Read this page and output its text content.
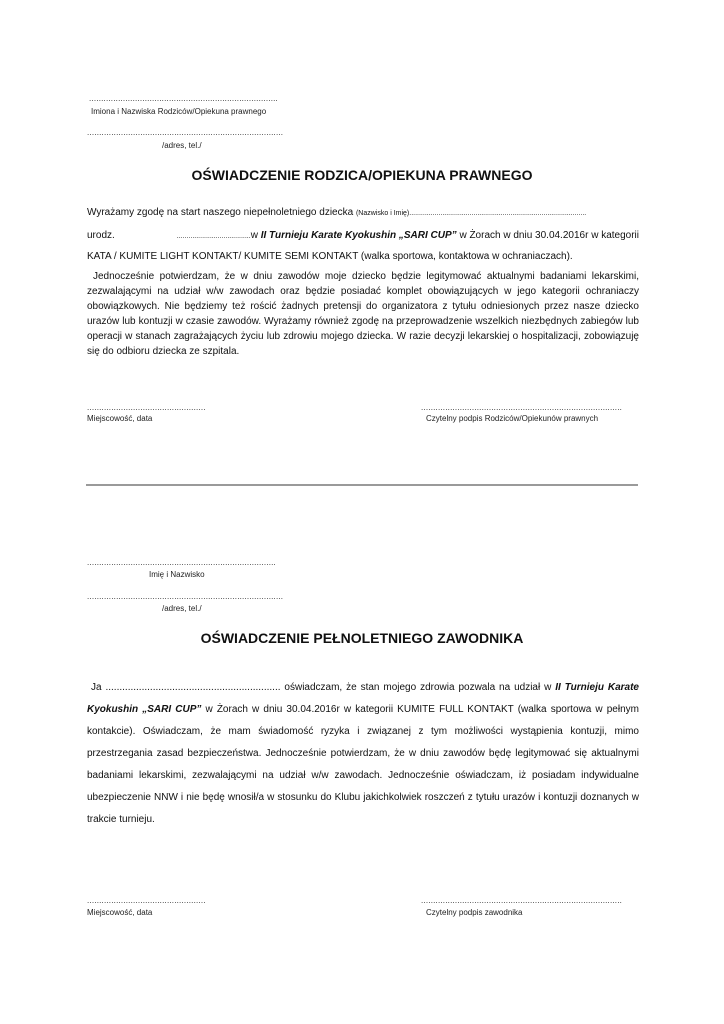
..............................................................................
Imiona i Nazwiska Rodziców/Opiekuna prawnego
.................................................................................
/adres, tel./
OŚWIADCZENIE RODZICA/OPIEKUNA PRAWNEGO
Wyrażamy zgodę na start naszego niepełnoletniego dziecka (Nazwisko i Imię)...........................................................................................
urodz.	......................................w II Turnieju Karate Kyokushin „SARI CUP” w Żorach w dniu 30.04.2016r w kategorii
KATA / KUMITE LIGHT KONTAKT/ KUMITE SEMI KONTAKT (walka sportowa, kontaktowa w ochraniaczach).
Jednocześnie potwierdzam, że w dniu zawodów moje dziecko będzie legitymować aktualnymi badaniami lekarskimi, zezwalającymi na udział w/w zawodach oraz będzie posiadać komplet obowiązujących w jego kategorii ochraniaczy obowiązkowych. Nie będziemy też rościć żadnych pretensji do organizatora z tytułu odniesionych przez nasze dziecko urazów lub kontuzji w czasie zawodów. Wyrażamy również zgodę na przeprowadzenie wszelkich niezbędnych zabiegów lub operacji w stanach zagrażających życiu lub zdrowiu mojego dziecka. W razie decyzji lekarskiej o hospitalizacji, zobowiązuję się do odbioru dziecka ze szpitala.
.................................................
Miejscowość, data
...................................................................................
Czytelny podpis Rodziców/Opiekunów prawnych
..............................................................................
Imię i Nazwisko
.................................................................................
/adres, tel./
OŚWIADCZENIE PEŁNOLETNIEGO ZAWODNIKA
Ja ............................................................... oświadczam, że stan mojego zdrowia pozwala na udział w II Turnieju Karate Kyokushin „SARI CUP” w Żorach w dniu 30.04.2016r w kategorii KUMITE FULL KONTAKT (walka sportowa w pełnym kontakcie). Oświadczam, że mam świadomość ryzyka i związanej z tym możliwości wystąpienia kontuzji, mimo przestrzegania zasad bezpieczeństwa. Jednocześnie potwierdzam, że w dniu zawodów będę legitymować się aktualnymi badaniami lekarskimi, zezwalającymi na udział w/w zawodach. Jednocześnie oświadczam, iż posiadam indywidualne ubezpieczenie NNW i nie będę wnosił/a w stosunku do Klubu jakichkolwiek roszczeń z tytułu urazów i kontuzji doznanych w trakcie turnieju.
.................................................
Miejscowość, data
...................................................................................
Czytelny podpis zawodnika
